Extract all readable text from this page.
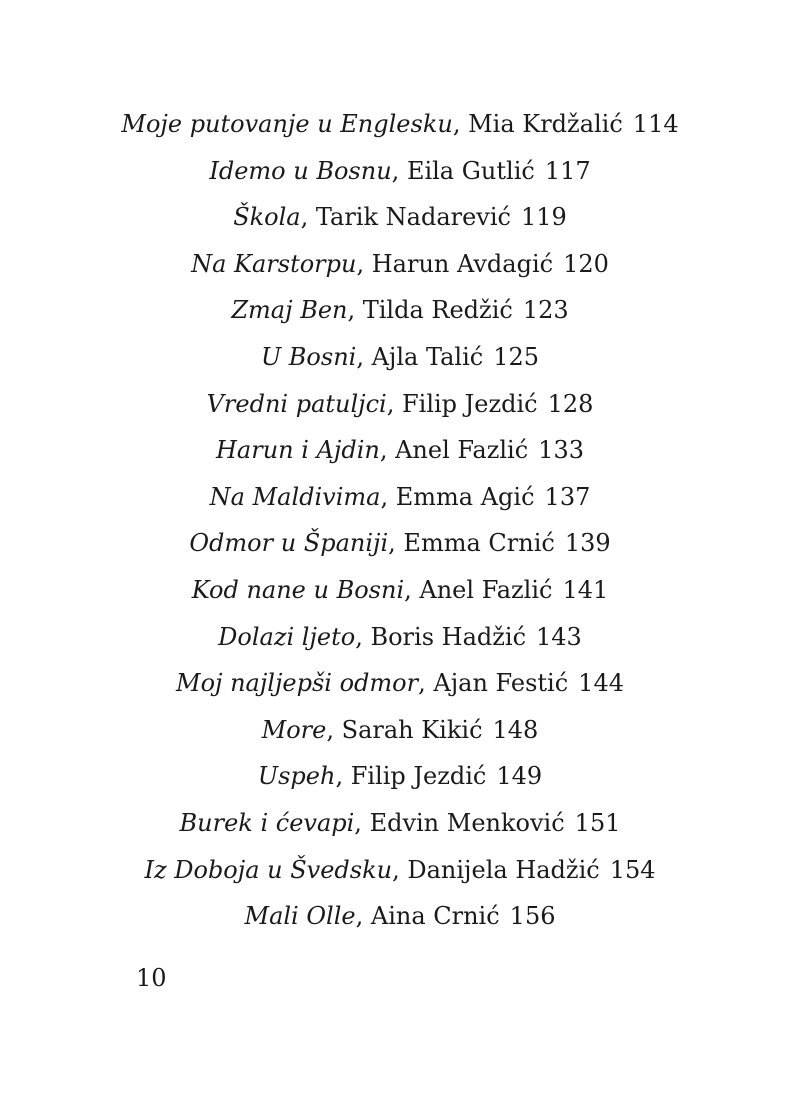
Moje putovanje u Englesku, Mia Krdžalić 114
Idemo u Bosnu, Eila Gutlić 117
Škola, Tarik Nadarević 119
Na Karstorpu, Harun Avdagić 120
Zmaj Ben, Tilda Redžić 123
U Bosni, Ajla Talić 125
Vredni patuljci, Filip Jezdić 128
Harun i Ajdin, Anel Fazlić 133
Na Maldivima, Emma Agić 137
Odmor u Španiji, Emma Crnić 139
Kod nane u Bosni, Anel Fazlić 141
Dolazi ljeto, Boris Hadžić 143
Moj najljepši odmor, Ajan Festić 144
More, Sarah Kikić 148
Uspeh, Filip Jezdić 149
Burek i ćevapi, Edvin Menković 151
Iz Doboja u Švedsku, Danijela Hadžić 154
Mali Olle, Aina Crnić 156
10
